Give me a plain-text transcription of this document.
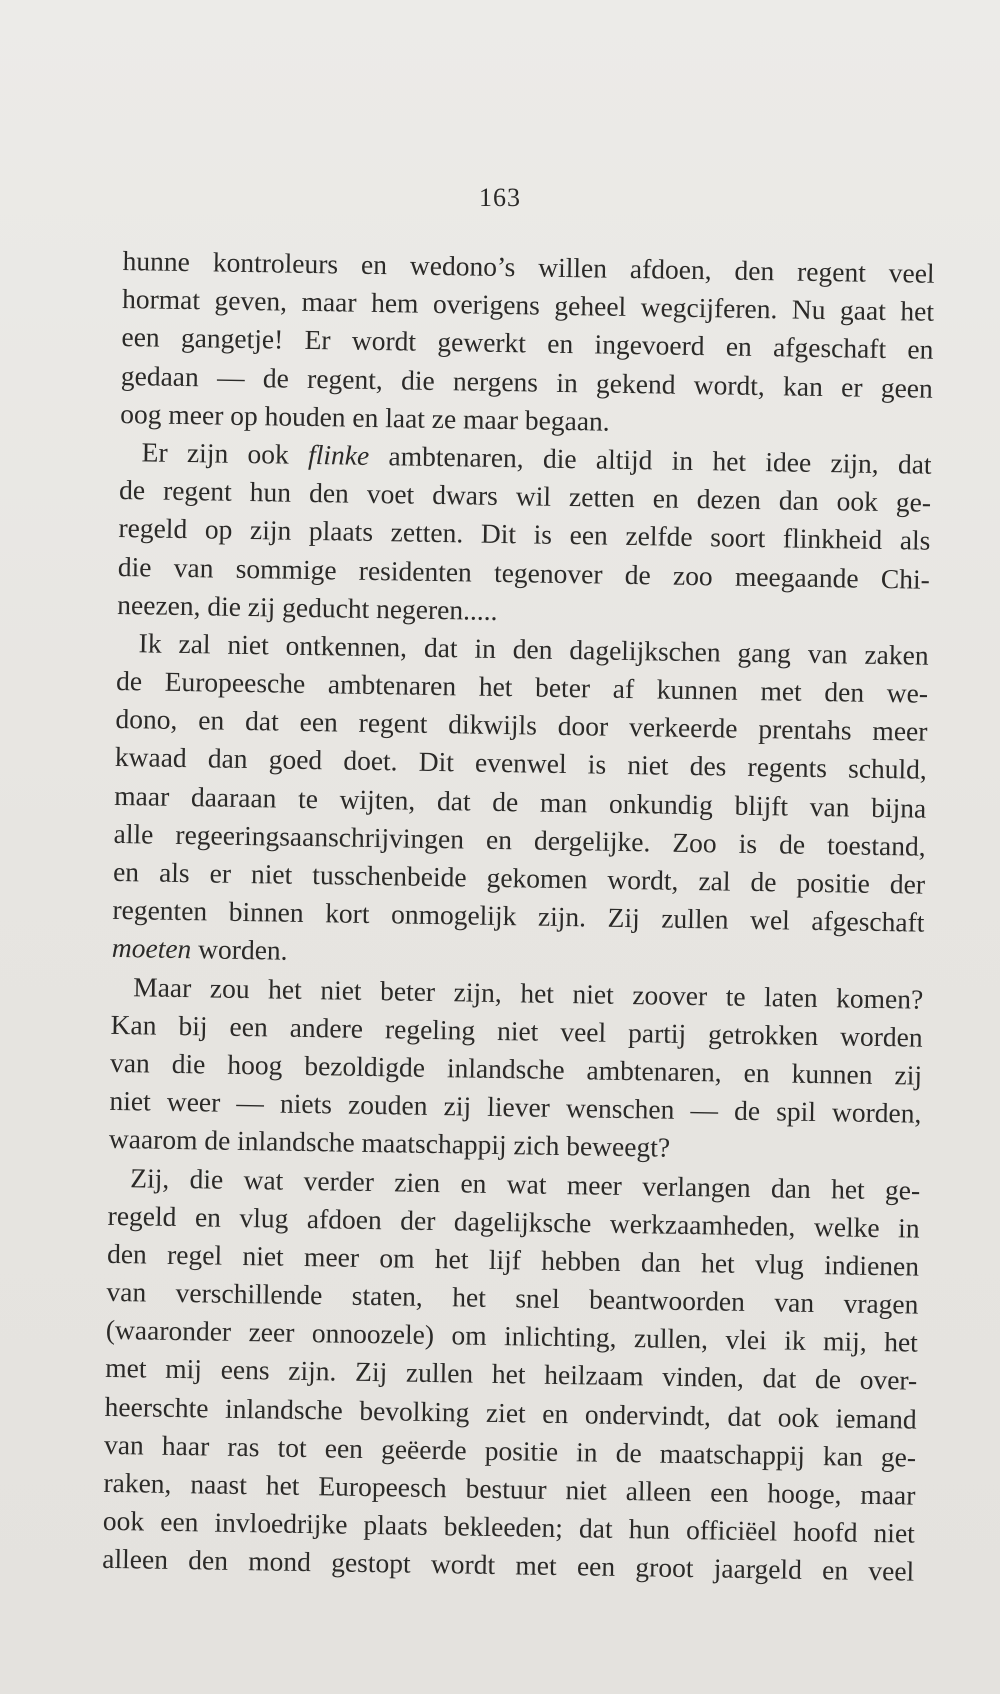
163
hunne kontroleurs en wedono’s willen afdoen, den regent veel
hormat geven, maar hem overigens geheel wegcijferen. Nu gaat het
een gangetje! Er wordt gewerkt en ingevoerd en afgeschaft en
gedaan — de regent, die nergens in gekend wordt, kan er geen
oog meer op houden en laat ze maar begaan.
Er zijn ook flinke ambtenaren, die altijd in het idee zijn, dat
de regent hun den voet dwars wil zetten en dezen dan ook ge-
regeld op zijn plaats zetten. Dit is een zelfde soort flinkheid als
die van sommige residenten tegenover de zoo meegaande Chi-
neezen, die zij geducht negeren.....
Ik zal niet ontkennen, dat in den dagelijkschen gang van zaken
de Europeesche ambtenaren het beter af kunnen met den we-
dono, en dat een regent dikwijls door verkeerde prentahs meer
kwaad dan goed doet. Dit evenwel is niet des regents schuld,
maar daaraan te wijten, dat de man onkundig blijft van bijna
alle regeeringsaanschrijvingen en dergelijke. Zoo is de toestand,
en als er niet tusschenbeide gekomen wordt, zal de positie der
regenten binnen kort onmogelijk zijn. Zij zullen wel afgeschaft
moeten worden.
Maar zou het niet beter zijn, het niet zoover te laten komen?
Kan bij een andere regeling niet veel partij getrokken worden
van die hoog bezoldigde inlandsche ambtenaren, en kunnen zij
niet weer — niets zouden zij liever wenschen — de spil worden,
waarom de inlandsche maatschappij zich beweegt?
Zij, die wat verder zien en wat meer verlangen dan het ge-
regeld en vlug afdoen der dagelijksche werkzaamheden, welke in
den regel niet meer om het lijf hebben dan het vlug indienen
van verschillende staten, het snel beantwoorden van vragen
(waaronder zeer onnoozele) om inlichting, zullen, vlei ik mij, het
met mij eens zijn. Zij zullen het heilzaam vinden, dat de over-
heerschte inlandsche bevolking ziet en ondervindt, dat ook iemand
van haar ras tot een geëerde positie in de maatschappij kan ge-
raken, naast het Europeesch bestuur niet alleen een hooge, maar
ook een invloedrijke plaats bekleeden; dat hun officiëel hoofd niet
alleen den mond gestopt wordt met een groot jaargeld en veel
